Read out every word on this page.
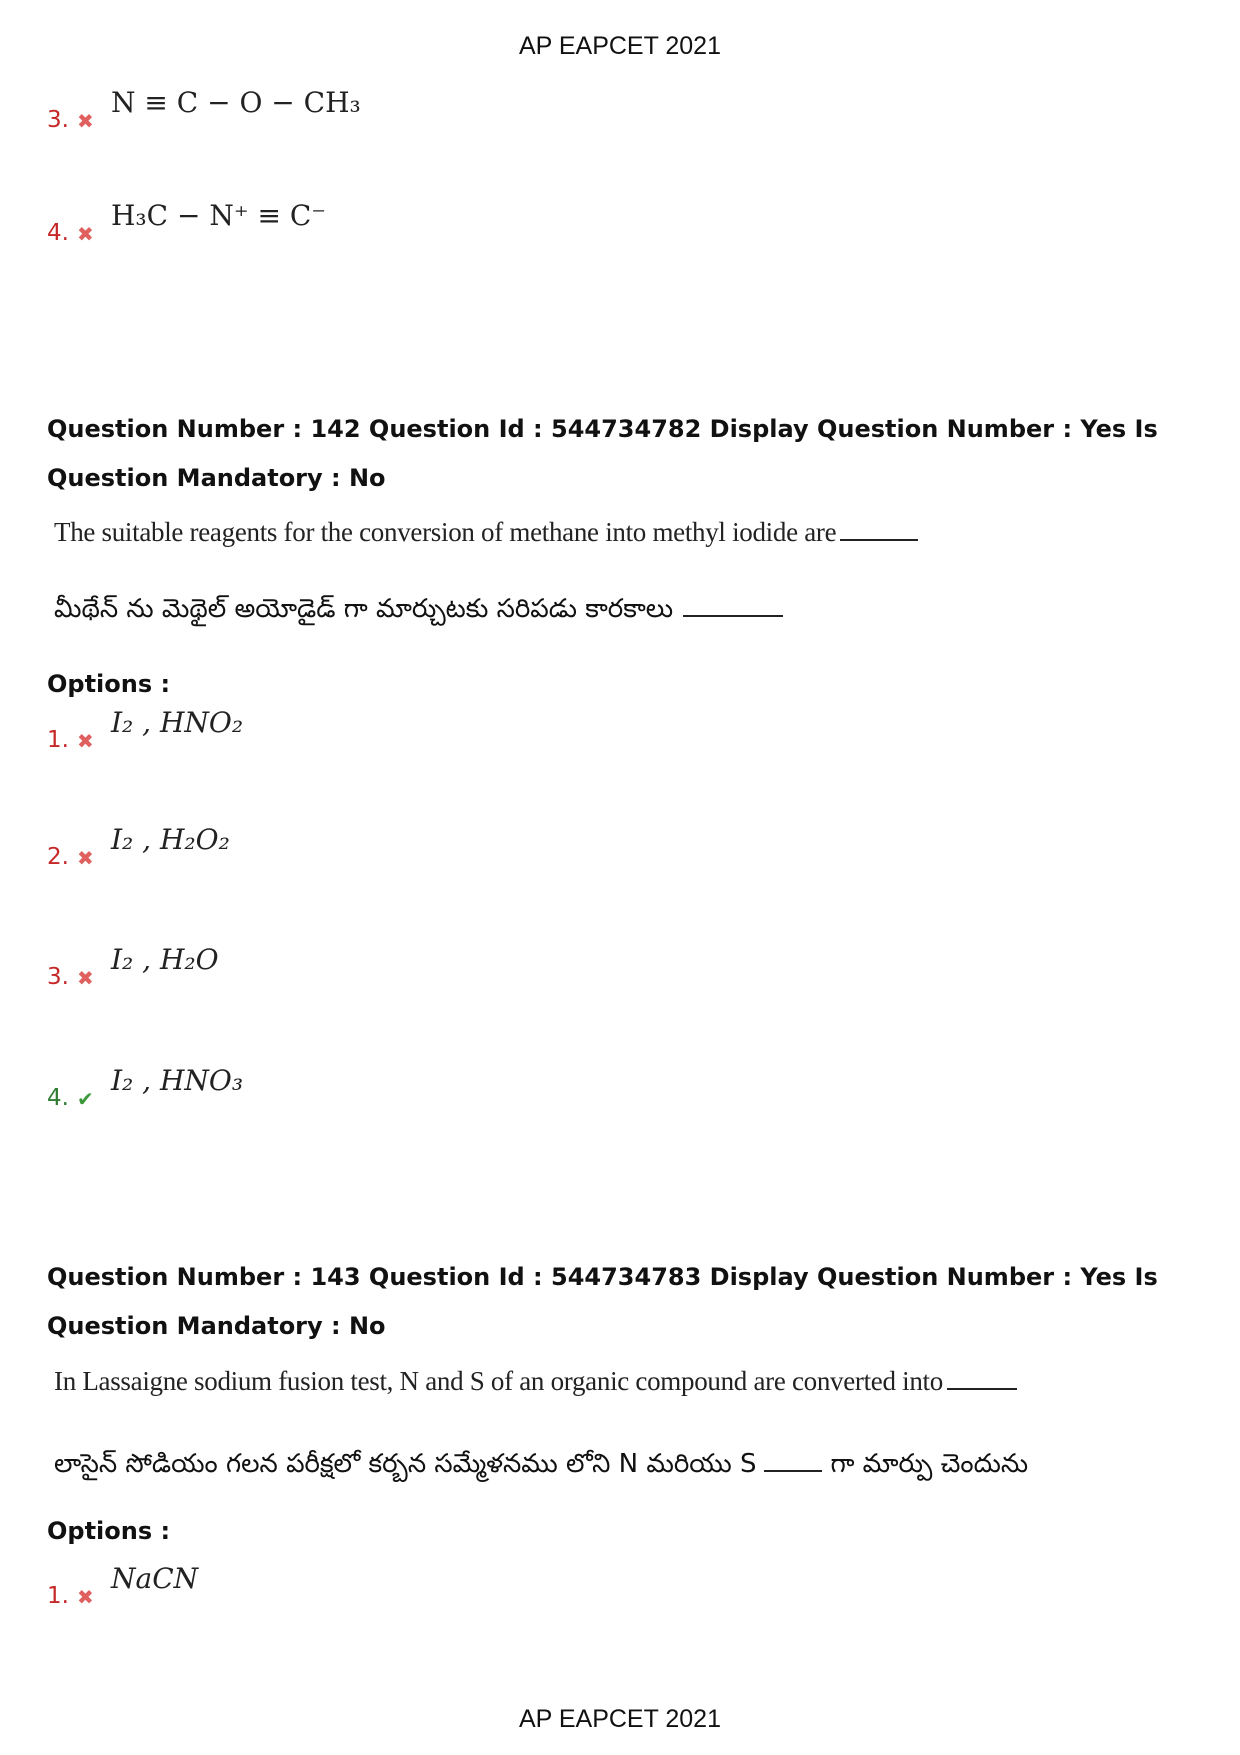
AP EAPCET 2021
3. ✖
N ≡ C − O − CH₃
4. ✖
H₃C − N⁺ ≡ C⁻
Question Number : 142 Question Id : 544734782 Display Question Number : Yes Is Question Mandatory : No
The suitable reagents for the conversion of methane into methyl iodide are
మీథేన్ ను మెథైల్ అయోడైడ్ గా మార్చుటకు సరిపడు కారకాలు
Options :
1. ✖
I₂ , HNO₂
2. ✖
I₂ , H₂O₂
3. ✖
I₂ , H₂O
4. ✔
I₂ , HNO₃
Question Number : 143 Question Id : 544734783 Display Question Number : Yes Is Question Mandatory : No
In Lassaigne sodium fusion test, N and S of an organic compound are converted into
లాసైన్ సోడియం గలన పరీక్షలో కర్బన సమ్మేళనము లోని N మరియు S	గా మార్పు చెందును
Options :
1. ✖
NaCN
AP EAPCET 2021
